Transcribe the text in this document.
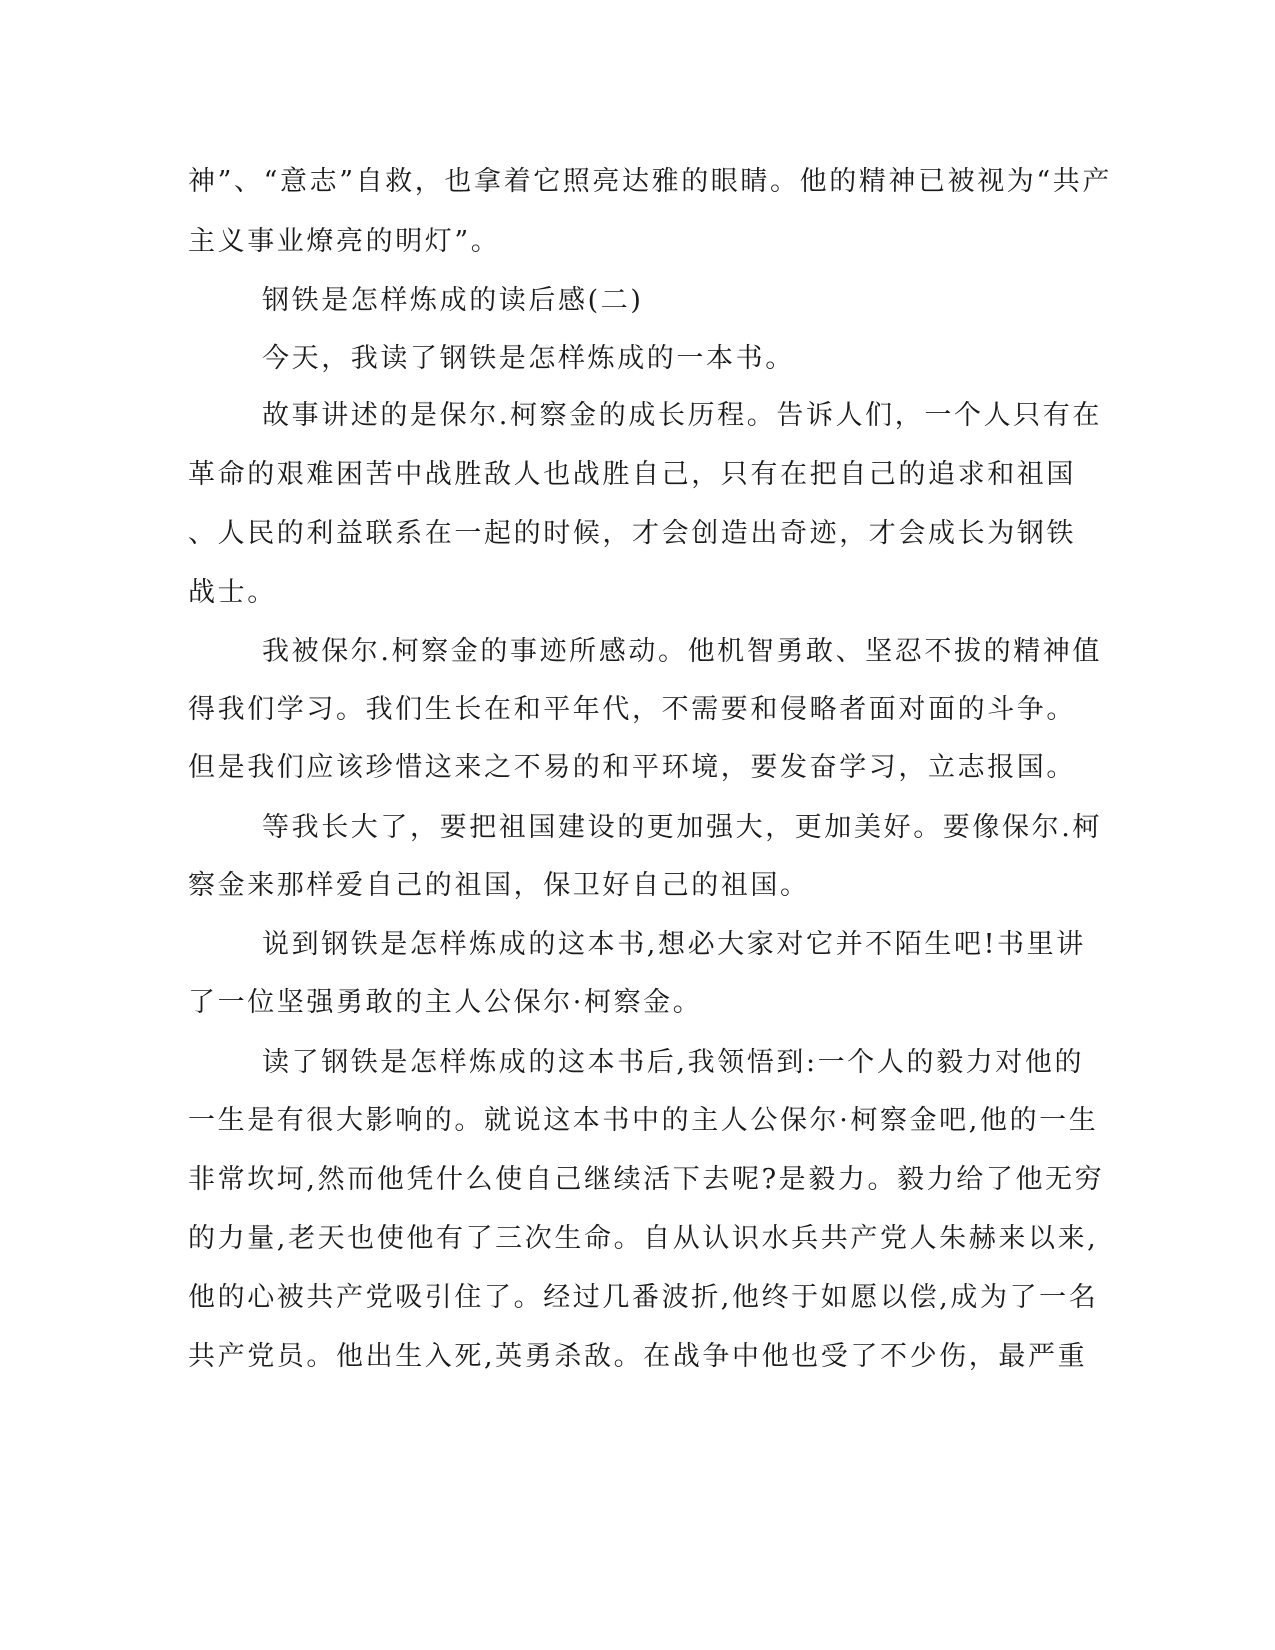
神”、“意志”自救，也拿着它照亮达雅的眼睛。他的精神已被视为“共产
主义事业燎亮的明灯”。
钢铁是怎样炼成的读后感(二)
今天，我读了钢铁是怎样炼成的一本书。
故事讲述的是保尔.柯察金的成长历程。告诉人们，一个人只有在
革命的艰难困苦中战胜敌人也战胜自己，只有在把自己的追求和祖国
、人民的利益联系在一起的时候，才会创造出奇迹，才会成长为钢铁
战士。
我被保尔.柯察金的事迹所感动。他机智勇敢、坚忍不拔的精神值
得我们学习。我们生长在和平年代，不需要和侵略者面对面的斗争。
但是我们应该珍惜这来之不易的和平环境，要发奋学习，立志报国。
等我长大了，要把祖国建设的更加强大，更加美好。要像保尔.柯
察金来那样爱自己的祖国，保卫好自己的祖国。
说到钢铁是怎样炼成的这本书,想必大家对它并不陌生吧!书里讲
了一位坚强勇敢的主人公保尔·柯察金。
读了钢铁是怎样炼成的这本书后,我领悟到:一个人的毅力对他的
一生是有很大影响的。就说这本书中的主人公保尔·柯察金吧,他的一生
非常坎坷,然而他凭什么使自己继续活下去呢?是毅力。毅力给了他无穷
的力量,老天也使他有了三次生命。自从认识水兵共产党人朱赫来以来,
他的心被共产党吸引住了。经过几番波折,他终于如愿以偿,成为了一名
共产党员。他出生入死,英勇杀敌。在战争中他也受了不少伤，最严重
